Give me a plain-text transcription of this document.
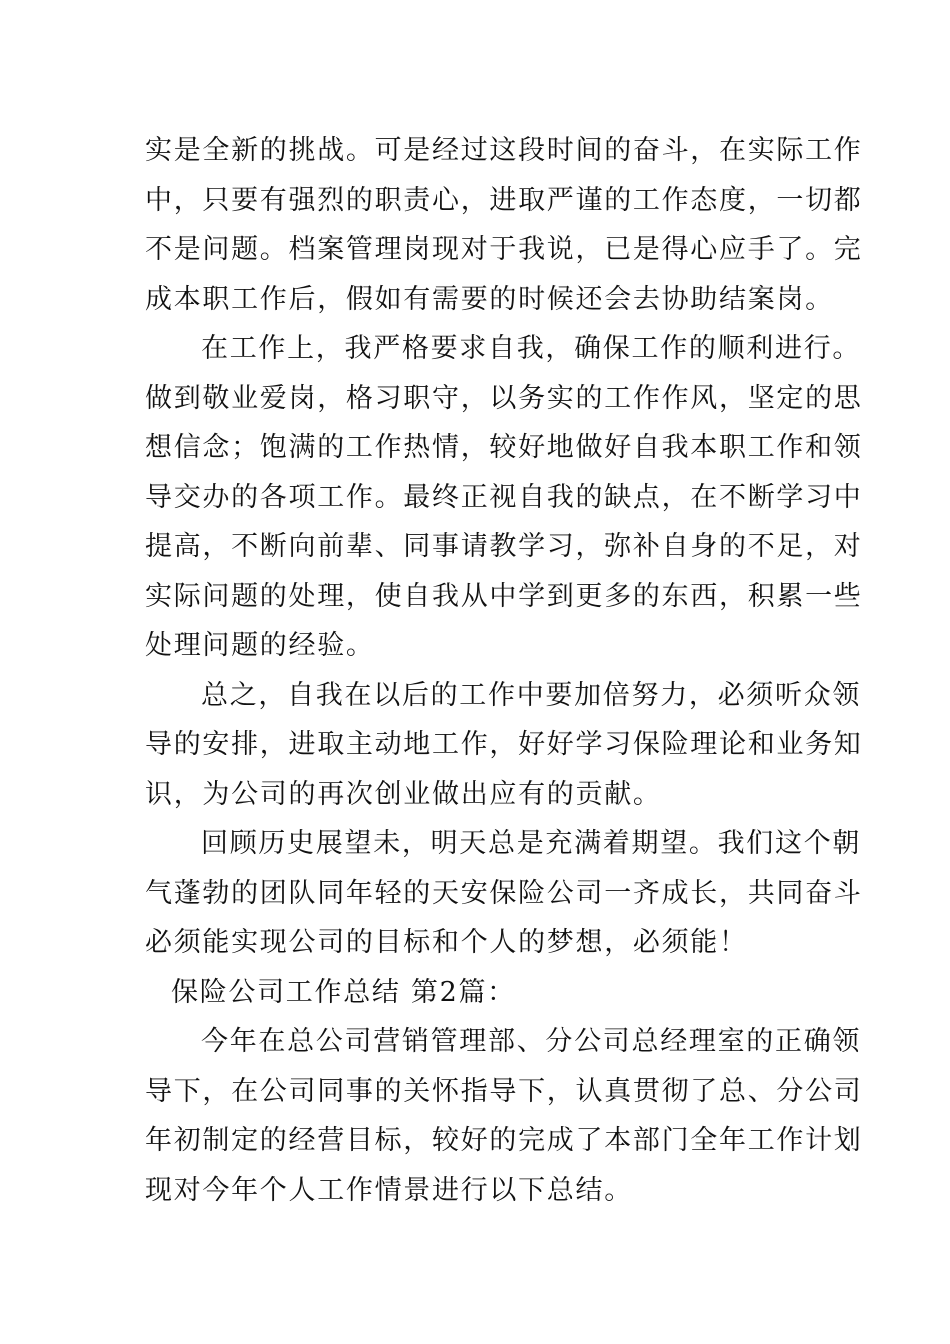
实是全新的挑战。可是经过这段时间的奋斗，在实际工作
中，只要有强烈的职责心，进取严谨的工作态度，一切都
不是问题。档案管理岗现对于我说，已是得心应手了。完
成本职工作后，假如有需要的时候还会去协助结案岗。
在工作上，我严格要求自我，确保工作的顺利进行。
做到敬业爱岗，格习职守，以务实的工作作风，坚定的思
想信念；饱满的工作热情，较好地做好自我本职工作和领
导交办的各项工作。最终正视自我的缺点，在不断学习中
提高，不断向前辈、同事请教学习，弥补自身的不足，对
实际问题的处理，使自我从中学到更多的东西，积累一些
处理问题的经验。
总之，自我在以后的工作中要加倍努力，必须听众领
导的安排，进取主动地工作，好好学习保险理论和业务知
识，为公司的再次创业做出应有的贡献。
回顾历史展望未，明天总是充满着期望。我们这个朝
气蓬勃的团队同年轻的天安保险公司一齐成长，共同奋斗
必须能实现公司的目标和个人的梦想，必须能！
保险公司工作总结 第2篇：
今年在总公司营销管理部、分公司总经理室的正确领
导下，在公司同事的关怀指导下，认真贯彻了总、分公司
年初制定的经营目标，较好的完成了本部门全年工作计划
现对今年个人工作情景进行以下总结。
